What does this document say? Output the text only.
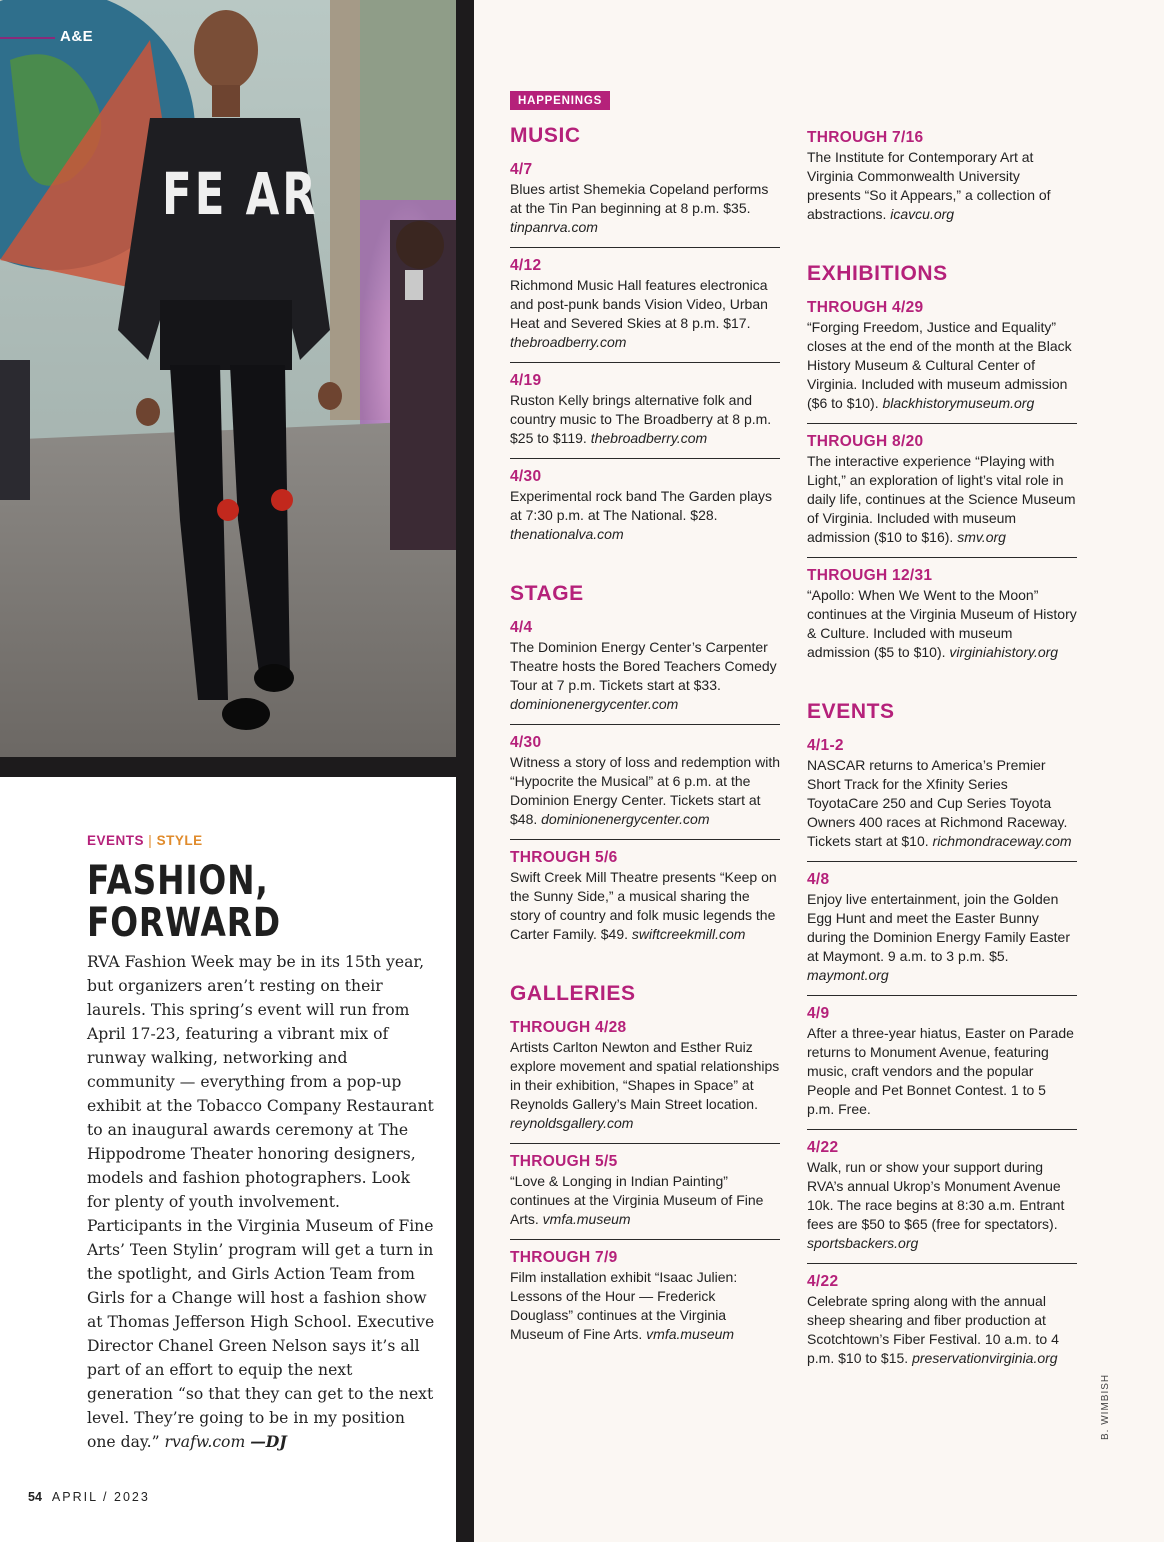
FE AR
A&E
HAPPENINGS
MUSIC
4/7
Blues artist Shemekia Copeland performs at the Tin Pan beginning at 8 p.m. $35. tinpanrva.com
4/12
Richmond Music Hall features electronica and post-punk bands Vision Video, Urban Heat and Severed Skies at 8 p.m. $17. thebroadberry.com
4/19
Ruston Kelly brings alternative folk and country music to The Broadberry at 8 p.m. $25 to $119. thebroadberry.com
4/30
Experimental rock band The Garden plays at 7:30 p.m. at The National. $28. thenationalva.com
STAGE
4/4
The Dominion Energy Center’s Carpenter Theatre hosts the Bored Teachers Comedy Tour at 7 p.m. Tickets start at $33. dominionenergycenter.com
4/30
Witness a story of loss and redemption with “Hypocrite the Musical” at 6 p.m. at the Dominion Energy Center. Tickets start at $48. dominionenergycenter.com
THROUGH 5/6
Swift Creek Mill Theatre presents “Keep on the Sunny Side,” a musical sharing the story of country and folk music legends the Carter Family. $49. swiftcreekmill.com
GALLERIES
THROUGH 4/28
Artists Carlton Newton and Esther Ruiz explore movement and spatial relationships in their exhibition, “Shapes in Space” at Reynolds Gallery’s Main Street location. reynoldsgallery.com
THROUGH 5/5
“Love & Longing in Indian Painting” continues at the Virginia Museum of Fine Arts. vmfa.museum
THROUGH 7/9
Film installation exhibit “Isaac Julien: Lessons of the Hour — Frederick Douglass” continues at the Virginia Museum of Fine Arts. vmfa.museum
THROUGH 7/16
The Institute for Contemporary Art at Virginia Commonwealth University presents “So it Appears,” a collection of abstractions. icavcu.org
EXHIBITIONS
THROUGH 4/29
“Forging Freedom, Justice and Equality” closes at the end of the month at the Black History Museum & Cultural Center of Virginia. Included with museum admission ($6 to $10). blackhistorymuseum.org
THROUGH 8/20
The interactive experience “Playing with Light,” an exploration of light’s vital role in daily life, continues at the Science Museum of Virginia. Included with museum admission ($10 to $16). smv.org
THROUGH 12/31
“Apollo: When We Went to the Moon” continues at the Virginia Museum of History & Culture. Included with museum admission ($5 to $10). virginiahistory.org
EVENTS
4/1-2
NASCAR returns to America’s Premier Short Track for the Xfinity Series ToyotaCare 250 and Cup Series Toyota Owners 400 races at Richmond Raceway. Tickets start at $10. richmondraceway.com
4/8
Enjoy live entertainment, join the Golden Egg Hunt and meet the Easter Bunny during the Dominion Energy Family Easter at Maymont. 9 a.m. to 3 p.m. $5. maymont.org
4/9
After a three-year hiatus, Easter on Parade returns to Monument Avenue, featuring music, craft vendors and the popular People and Pet Bonnet Contest. 1 to 5 p.m. Free.
4/22
Walk, run or show your support during RVA’s annual Ukrop’s Monument Avenue 10k. The race begins at 8:30 a.m. Entrant fees are $50 to $65 (free for spectators). sportsbackers.org
4/22
Celebrate spring along with the annual sheep shearing and fiber production at Scotchtown’s Fiber Festival. 10 a.m. to 4 p.m. $10 to $15. preservationvirginia.org
B. WIMBISH
EVENTS | STYLE
FASHION,
FORWARD
RVA Fashion Week may be in its 15th year, but organizers aren’t resting on their laurels. This spring’s event will run from April 17-23, featuring a vibrant mix of runway walking, networking and community — everything from a pop-up exhibit at the Tobacco Company Restaurant to an inaugural awards ceremony at The Hippodrome Theater honoring designers, models and fashion photographers. Look for plenty of youth involvement. Participants in the Virginia Museum of Fine Arts’ Teen Stylin’ program will get a turn in the spotlight, and Girls Action Team from Girls for a Change will host a fashion show at Thomas Jefferson High School. Executive Director Chanel Green Nelson says it’s all part of an effort to equip the next generation “so that they can get to the next level. They’re going to be in my position one day.” rvafw.com —DJ
54 APRIL / 2023
